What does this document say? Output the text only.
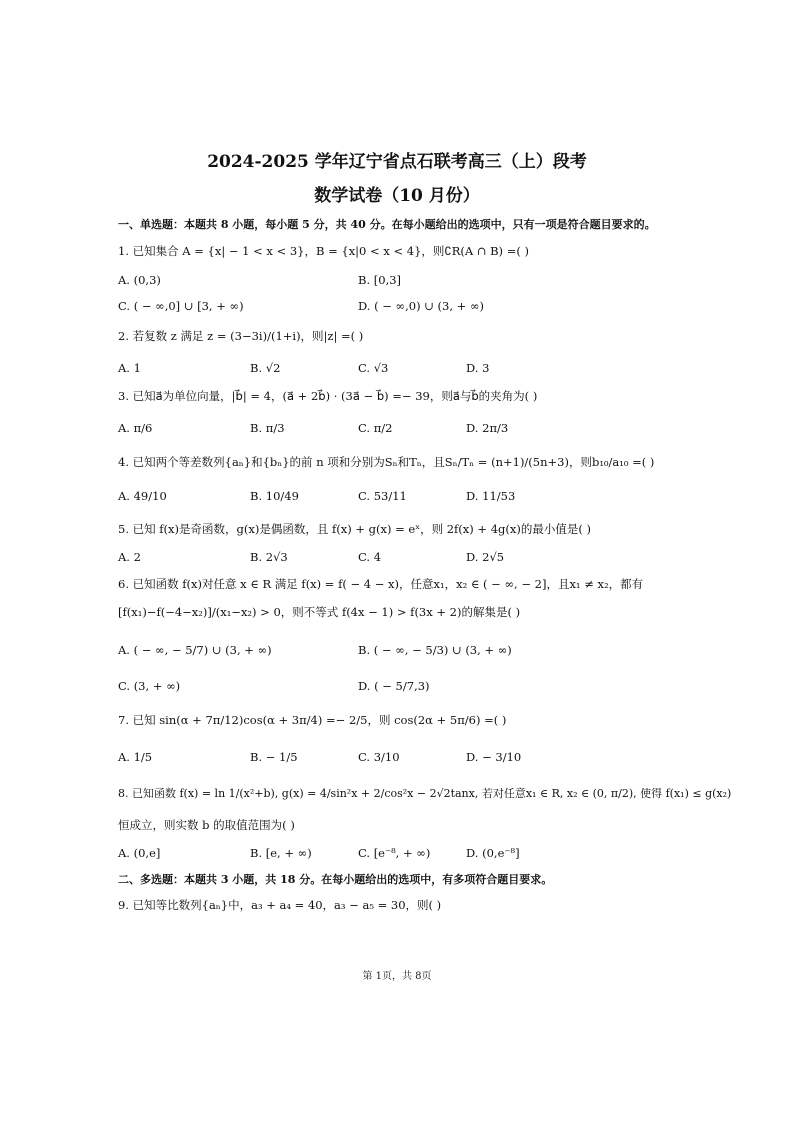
2024-2025 学年辽宁省点石联考高三（上）段考
数学试卷（10 月份）
一、单选题：本题共 8 小题，每小题 5 分，共 40 分。在每小题给出的选项中，只有一项是符合题目要求的。
1. 已知集合 A = {x| − 1 < x < 3}，B = {x|0 < x < 4}，则∁R(A ∩ B) =( )
A. (0,3)	B. [0,3]
C. ( − ∞,0] ∪ [3, + ∞)	D. ( − ∞,0) ∪ (3, + ∞)
2. 若复数 z 满足 z = (3−3i)/(1+i)，则|z| =( )
A. 1	B. √2	C. √3	D. 3
3. 已知a⃗为单位向量，|b⃗| = 4，(a⃗ + 2b⃗) · (3a⃗ − b⃗) =− 39，则a⃗与b⃗的夹角为( )
A. π/6	B. π/3	C. π/2	D. 2π/3
4. 已知两个等差数列{aₙ}和{bₙ}的前 n 项和分别为Sₙ和Tₙ，且Sₙ/Tₙ = (n+1)/(5n+3)，则b₁₀/a₁₀ =( )
A. 49/10	B. 10/49	C. 53/11	D. 11/53
5. 已知 f(x)是奇函数，g(x)是偶函数，且 f(x) + g(x) = eˣ，则 2f(x) + 4g(x)的最小值是( )
A. 2	B. 2√3	C. 4	D. 2√5
6. 已知函数 f(x)对任意 x ∈ R 满足 f(x) = f( − 4 − x)，任意x₁，x₂ ∈ ( − ∞, − 2]，且x₁ ≠ x₂，都有
[f(x₁)−f(−4−x₂)]/(x₁−x₂) > 0，则不等式 f(4x − 1) > f(3x + 2)的解集是( )
A. ( − ∞, − 5/7) ∪ (3, + ∞)	B. ( − ∞, − 5/3) ∪ (3, + ∞)
C. (3, + ∞)	D. ( − 5/7,3)
7. 已知 sin(α + 7π/12)cos(α + 3π/4) =− 2/5，则 cos(2α + 5π/6) =( )
A. 1/5	B. − 1/5	C. 3/10	D. − 3/10
8. 已知函数 f(x) = ln 1/(x²+b), g(x) = 4/sin²x + 2/cos²x − 2√2tanx, 若对任意x₁ ∈ R, x₂ ∈ (0, π/2), 使得 f(x₁) ≤ g(x₂)
恒成立，则实数 b 的取值范围为( )
A. (0,e]	B. [e, + ∞)	C. [e⁻⁸, + ∞)	D. (0,e⁻⁸]
二、多选题：本题共 3 小题，共 18 分。在每小题给出的选项中，有多项符合题目要求。
9. 已知等比数列{aₙ}中，a₃ + a₄ = 40，a₃ − a₅ = 30，则( )
第 1页，共 8页
